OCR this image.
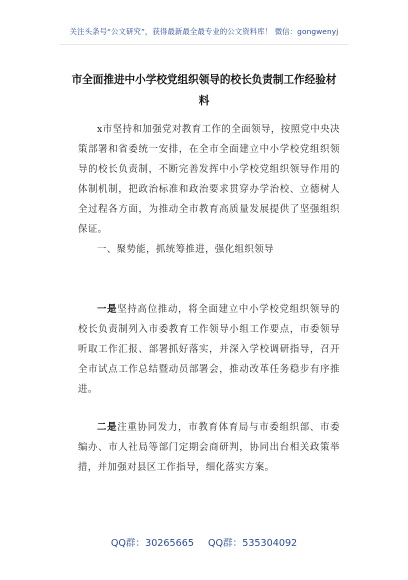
关注头条号“公文研究”，获得最新最全最专业的公文资料库！ 微信：gongwenyj
市全面推进中小学校党组织领导的校长负责制工作经验材
料

x市坚持和加强党对教育工作的全面领导，按照党中央决策部署和省委统一安排，在全市全面建立中小学校党组织领导的校长负责制，不断完善发挥中小学校党组织领导作用的体制机制，把政治标准和政治要求贯穿办学治校、立德树人全过程各方面，为推动全市教育高质量发展提供了坚强组织保证。

一、聚势能，抓统筹推进，强化组织领导

一是坚持高位推动，将全面建立中小学校党组织领导的校长负责制列入市委教育工作领导小组工作要点，市委领导听取工作汇报、部署抓好落实，并深入学校调研指导，召开全市试点工作总结暨动员部署会，推动改革任务稳步有序推进。

二是注重协同发力，市教育体育局与市委组织部、市委编办、市人社局等部门定期会商研判，协同出台相关政策举措，并加强对县区工作指导，细化落实方案。

QQ群：30265665 QQ群：535304092
